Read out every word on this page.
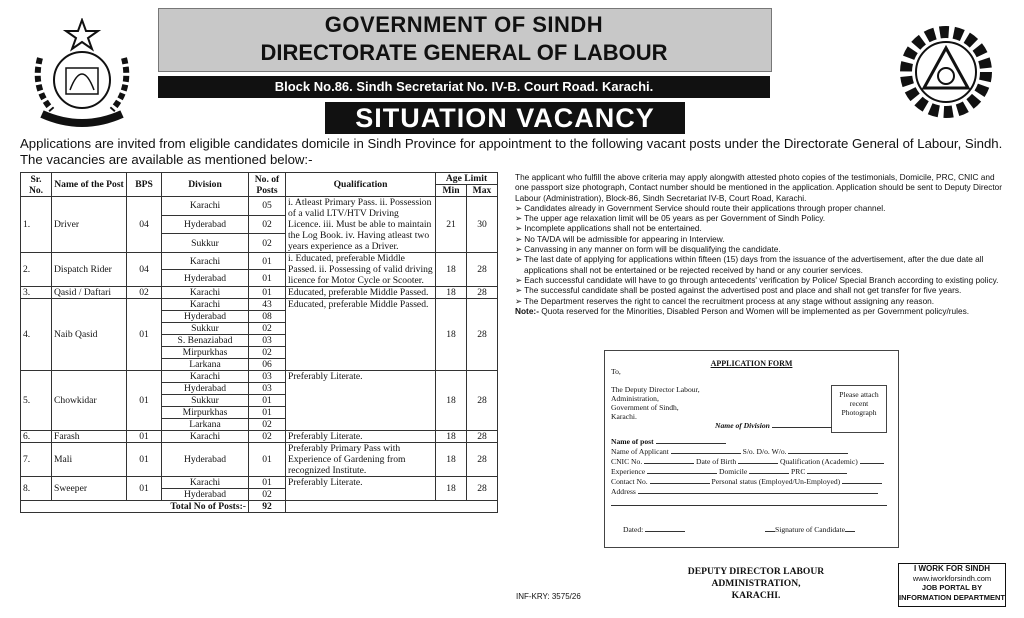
GOVERNMENT OF SINDH
DIRECTORATE GENERAL OF LABOUR
Block No.86. Sindh Secretariat No. IV-B. Court Road. Karachi.
SITUATION VACANCY
Applications are invited from eligible candidates domicile in Sindh Province for appointment to the following vacant posts under the Directorate General of Labour, Sindh. The vacancies are available as mentioned below:-
Sr. No.	Name of the Post	BPS	Division	No. of Posts	Qualification	Age Limit	
						Min	Max
1.	Driver	04	Karachi	05	i. Atleast Primary Pass. ii. Possession of a valid LTV/HTV Driving Licence. iii. Must be able to maintain the Log Book. iv. Having atleast two years experience as a Driver.	21	30
			Hyderabad	02			
			Sukkur	02			
2.	Dispatch Rider	04	Karachi	01	i. Educated, preferable Middle Passed. ii. Possessing of valid driving licence for Motor Cycle or Scooter.	18	28
			Hyderabad	01			
3.	Qasid / Daftari	02	Karachi	01	Educated, preferable Middle Passed.	18	28
4.	Naib Qasid	01	Karachi	43	Educated, preferable Middle Passed.	18	28
			Hyderabad	08			
			Sukkur	02			
			S. Benaziabad	03			
			Mirpurkhas	02			
			Larkana	06			
5.	Chowkidar	01	Karachi	03	Preferably Literate.	18	28
			Hyderabad	03			
			Sukkur	01			
			Mirpurkhas	01			
			Larkana	02			
6.	Farash	01	Karachi	02	Preferably Literate.	18	28
7.	Mali	01	Hyderabad	01	Preferably Primary Pass with Experience of Gardening from recognized Institute.	18	28
8.	Sweeper	01	Karachi	01	Preferably Literate.	18	28
			Hyderabad	02			
Total No of Posts:-				92			

The applicant who fulfill the above criteria may apply alongwith attested photo copies of the testimonials, Domicile, PRC, CNIC and one passport size photograph, Contact number should be mentioned in the application. Application should be sent to Deputy Director Labour (Administration), Block-86, Sindh Secretariat IV-B, Court Road, Karachi.

➢ Candidates already in Government Service should route their applications through proper channel.

➢ The upper age relaxation limit will be 05 years as per Government of Sindh Policy.

➢ Incomplete applications shall not be entertained.

➢ No TA/DA will be admissible for appearing in Interview.

➢ Canvassing in any manner on form will be disqualifying the candidate.

➢ The last date of applying for applications within fifteen (15) days from the issuance of the advertisement, after the due date all applications shall not be entertained or be rejected received by hand or any courier services.

➢ Each successful candidate will have to go through antecedents' verification by Police/ Special Branch according to existing policy.

➢ The successful candidate shall be posted against the advertised post and place and shall not get transfer for five years.

➢ The Department reserves the right to cancel the recruitment process at any stage without assigning any reason.

Note:- Quota reserved for the Minorities, Disabled Person and Women will be implemented as per Government policy/rules.

APPLICATION FORM
To,
The Deputy Director Labour,
Administration,
Government of Sindh,
Karachi.
Please attach recent Photograph
Name of Division
Name of post
Name of Applicant	S/o. D/o. W/o.
CNIC No.	Date of Birth	Qualification (Academic)
Experience	Domicile	PRC
Contact No.	Personal status (Employed/Un-Employed)
Address
Dated:	Signature of Candidate
DEPUTY DIRECTOR LABOUR
ADMINISTRATION,
KARACHI.
I WORK FOR SINDH
www.iworkforsindh.com
JOB PORTAL BY
INFORMATION DEPARTMENT
INF-KRY: 3575/26
